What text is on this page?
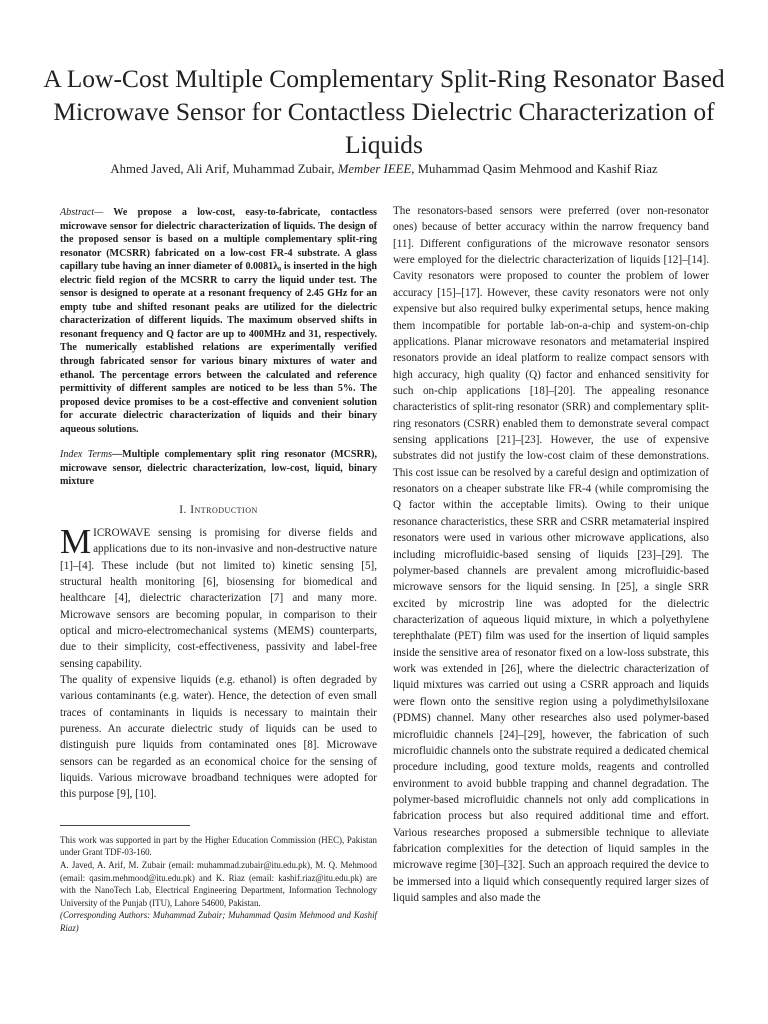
A Low-Cost Multiple Complementary Split-Ring Resonator Based Microwave Sensor for Contactless Dielectric Characterization of Liquids
Ahmed Javed, Ali Arif, Muhammad Zubair, Member IEEE, Muhammad Qasim Mehmood and Kashif Riaz
Abstract— We propose a low-cost, easy-to-fabricate, contactless microwave sensor for dielectric characterization of liquids. The design of the proposed sensor is based on a multiple complementary split-ring resonator (MCSRR) fabricated on a low-cost FR-4 substrate. A glass capillary tube having an inner diameter of 0.0081λ₀ is inserted in the high electric field region of the MCSRR to carry the liquid under test. The sensor is designed to operate at a resonant frequency of 2.45 GHz for an empty tube and shifted resonant peaks are utilized for the dielectric characterization of different liquids. The maximum observed shifts in resonant frequency and Q factor are up to 400MHz and 31, respectively. The numerically established relations are experimentally verified through fabricated sensor for various binary mixtures of water and ethanol. The percentage errors between the calculated and reference permittivity of different samples are noticed to be less than 5%. The proposed device promises to be a cost-effective and convenient solution for accurate dielectric characterization of liquids and their binary aqueous solutions.
Index Terms—Multiple complementary split ring resonator (MCSRR), microwave sensor, dielectric characterization, low-cost, liquid, binary mixture
I. Introduction

MICROWAVE sensing is promising for diverse fields and applications due to its non-invasive and non-destructive nature [1]–[4]. These include (but not limited to) kinetic sensing [5], structural health monitoring [6], biosensing for biomedical and healthcare [4], dielectric characterization [7] and many more. Microwave sensors are becoming popular, in comparison to their optical and micro-electromechanical systems (MEMS) counterparts, due to their simplicity, cost-effectiveness, passivity and label-free sensing capability.

The quality of expensive liquids (e.g. ethanol) is often degraded by various contaminants (e.g. water). Hence, the detection of even small traces of contaminants in liquids is necessary to maintain their pureness. An accurate dielectric study of liquids can be used to distinguish pure liquids from contaminated ones [8]. Microwave sensors can be regarded as an economical choice for the sensing of liquids. Various microwave broadband techniques were adopted for this purpose [9], [10].

This work was supported in part by the Higher Education Commission (HEC), Pakistan under Grant TDF-03-160.

A. Javed, A. Arif, M. Zubair (email: muhammad.zubair@itu.edu.pk), M. Q. Mehmood (email: qasim.mehmood@itu.edu.pk) and K. Riaz (email: kashif.riaz@itu.edu.pk) are with the NanoTech Lab, Electrical Engineering Department, Information Technology University of the Punjab (ITU), Lahore 54600, Pakistan.

(Corresponding Authors: Muhammad Zubair; Muhammad Qasim Mehmood and Kashif Riaz)

The resonators-based sensors were preferred (over non-resonator ones) because of better accuracy within the narrow frequency band [11]. Different configurations of the microwave resonator sensors were employed for the dielectric characterization of liquids [12]–[14]. Cavity resonators were proposed to counter the problem of lower accuracy [15]–[17]. However, these cavity resonators were not only expensive but also required bulky experimental setups, hence making them incompatible for portable lab-on-a-chip and system-on-chip applications. Planar microwave resonators and metamaterial inspired resonators provide an ideal platform to realize compact sensors with high accuracy, high quality (Q) factor and enhanced sensitivity for such on-chip applications [18]–[20]. The appealing resonance characteristics of split-ring resonator (SRR) and complementary split-ring resonators (CSRR) enabled them to demonstrate several compact sensing applications [21]–[23]. However, the use of expensive substrates did not justify the low-cost claim of these demonstrations. This cost issue can be resolved by a careful design and optimization of resonators on a cheaper substrate like FR-4 (while compromising the Q factor within the acceptable limits). Owing to their unique resonance characteristics, these SRR and CSRR metamaterial inspired resonators were used in various other microwave applications, also including microfluidic-based sensing of liquids [23]–[29]. The polymer-based channels are prevalent among microfluidic-based microwave sensors for the liquid sensing. In [25], a single SRR excited by microstrip line was adopted for the dielectric characterization of aqueous liquid mixture, in which a polyethylene terephthalate (PET) film was used for the insertion of liquid samples inside the sensitive area of resonator fixed on a low-loss substrate, this work was extended in [26], where the dielectric characterization of liquid mixtures was carried out using a CSRR approach and liquids were flown onto the sensitive region using a polydimethylsiloxane (PDMS) channel. Many other researches also used polymer-based microfluidic channels [24]–[29], however, the fabrication of such microfluidic channels onto the substrate required a dedicated chemical procedure including, good texture molds, reagents and controlled environment to avoid bubble trapping and channel degradation. The polymer-based microfluidic channels not only add complications in fabrication process but also required additional time and effort. Various researches proposed a submersible technique to alleviate fabrication complexities for the detection of liquid samples in the microwave regime [30]–[32]. Such an approach required the device to be immersed into a liquid which consequently required larger sizes of liquid samples and also made the
